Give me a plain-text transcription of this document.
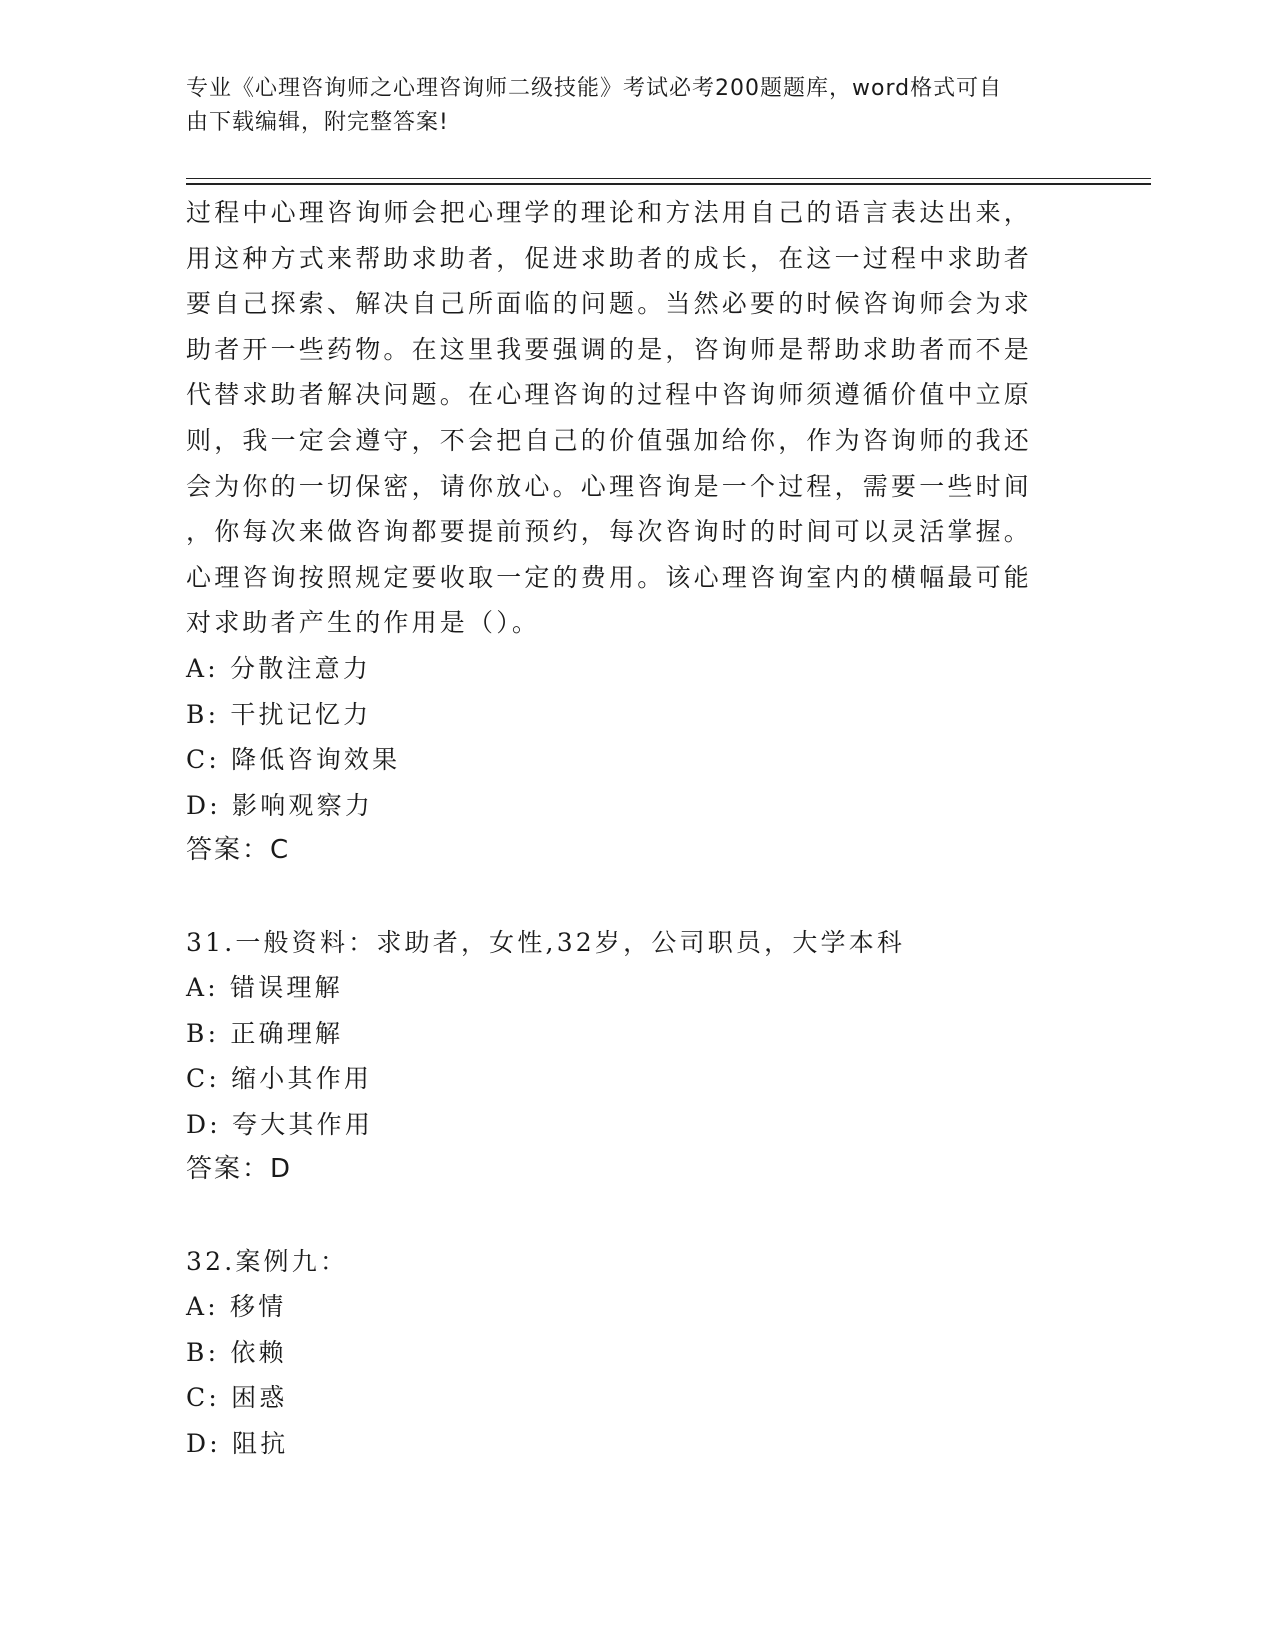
专业《心理咨询师之心理咨询师二级技能》考试必考200题题库，word格式可自
由下载编辑，附完整答案!

过程中心理咨询师会把心理学的理论和方法用自己的语言表达出来，

用这种方式来帮助求助者，促进求助者的成长，在这一过程中求助者

要自己探索、解决自己所面临的问题。当然必要的时候咨询师会为求

助者开一些药物。在这里我要强调的是，咨询师是帮助求助者而不是

代替求助者解决问题。在心理咨询的过程中咨询师须遵循价值中立原

则，我一定会遵守，不会把自己的价值强加给你，作为咨询师的我还

会为你的一切保密，请你放心。心理咨询是一个过程，需要一些时间

，你每次来做咨询都要提前预约，每次咨询时的时间可以灵活掌握。

心理咨询按照规定要收取一定的费用。该心理咨询室内的横幅最可能

对求助者产生的作用是（）。

A: 分散注意力

B: 干扰记忆力

C: 降低咨询效果

D: 影响观察力

答案：C

31.一般资料：求助者，女性,32岁，公司职员，大学本科

A: 错误理解

B: 正确理解

C: 缩小其作用

D: 夸大其作用

答案：D

32.案例九：

A: 移情

B: 依赖

C: 困惑

D: 阻抗
